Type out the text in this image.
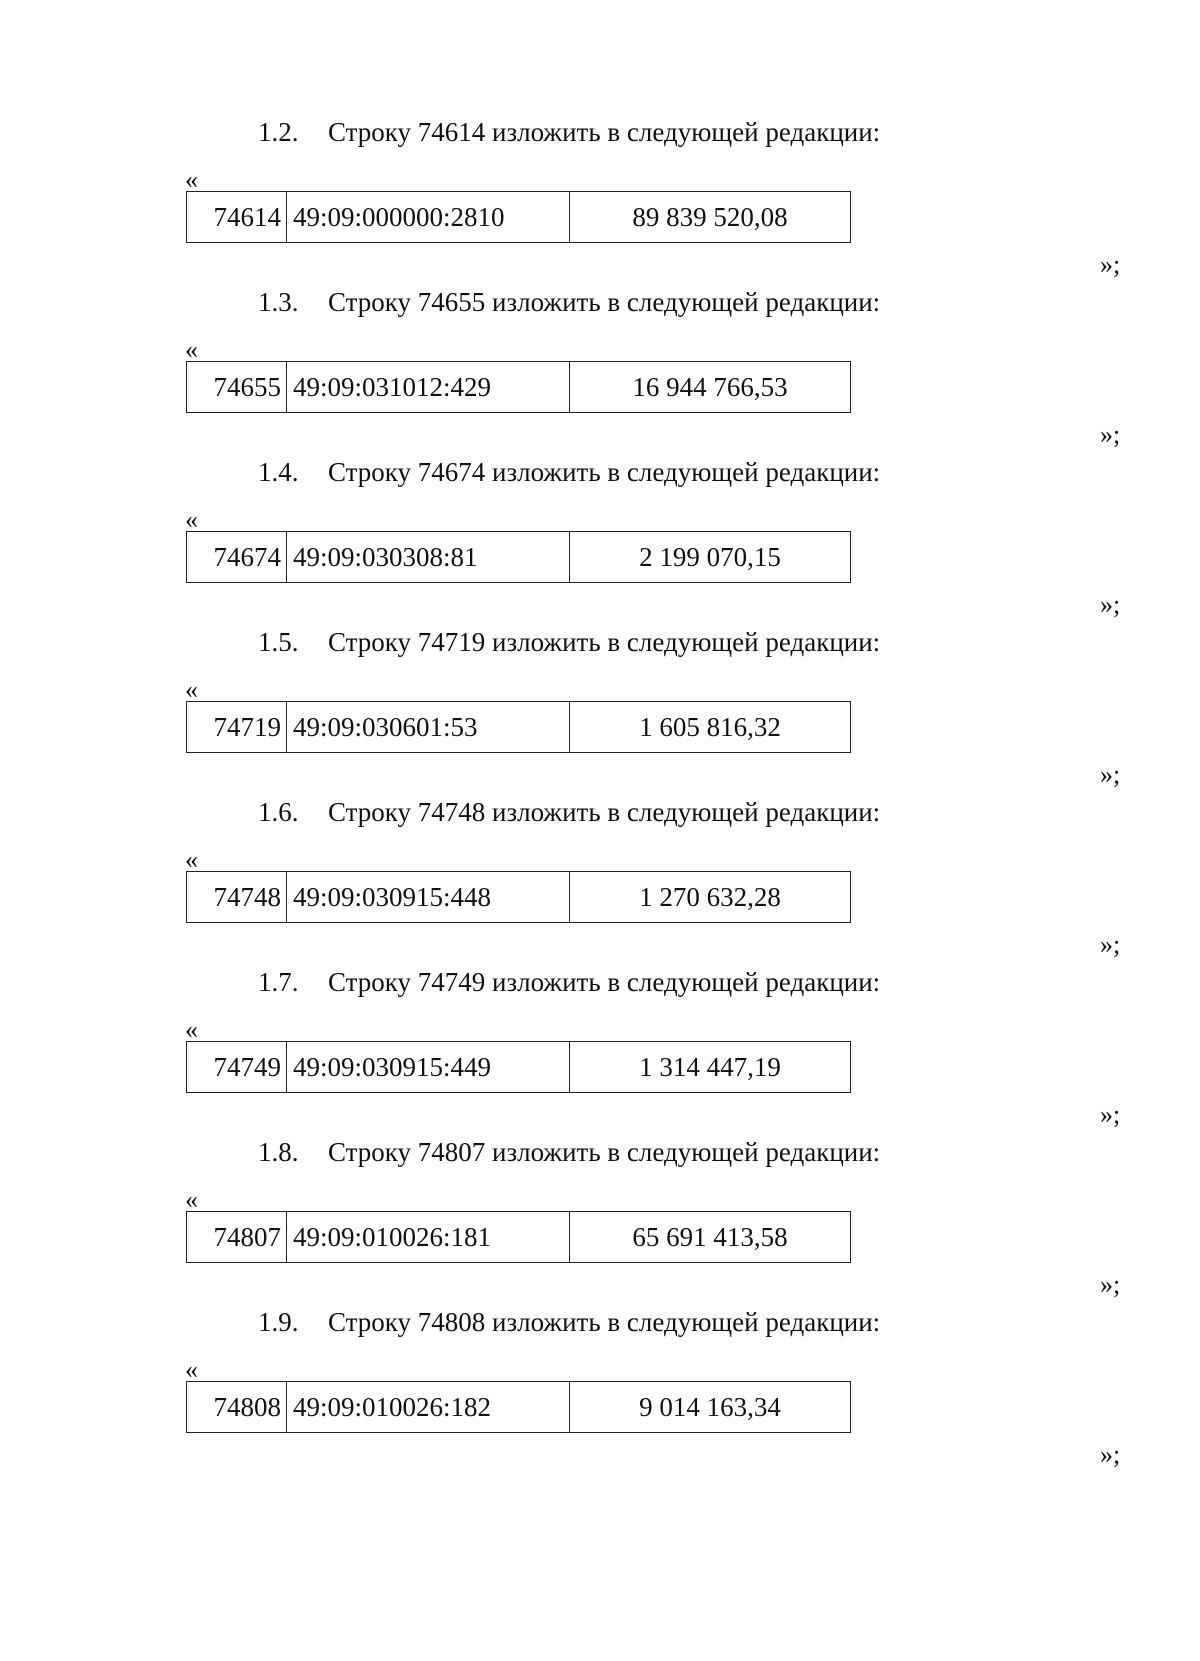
1.2. Строку 74614 изложить в следующей редакции:
«
74614	49:09:000000:2810	89 839 520,08
»;
1.3. Строку 74655 изложить в следующей редакции:
«
74655	49:09:031012:429	16 944 766,53
»;
1.4. Строку 74674 изложить в следующей редакции:
«
74674	49:09:030308:81	2 199 070,15
»;
1.5. Строку 74719 изложить в следующей редакции:
«
74719	49:09:030601:53	1 605 816,32
»;
1.6. Строку 74748 изложить в следующей редакции:
«
74748	49:09:030915:448	1 270 632,28
»;
1.7. Строку 74749 изложить в следующей редакции:
«
74749	49:09:030915:449	1 314 447,19
»;
1.8. Строку 74807 изложить в следующей редакции:
«
74807	49:09:010026:181	65 691 413,58
»;
1.9. Строку 74808 изложить в следующей редакции:
«
74808	49:09:010026:182	9 014 163,34
»;
